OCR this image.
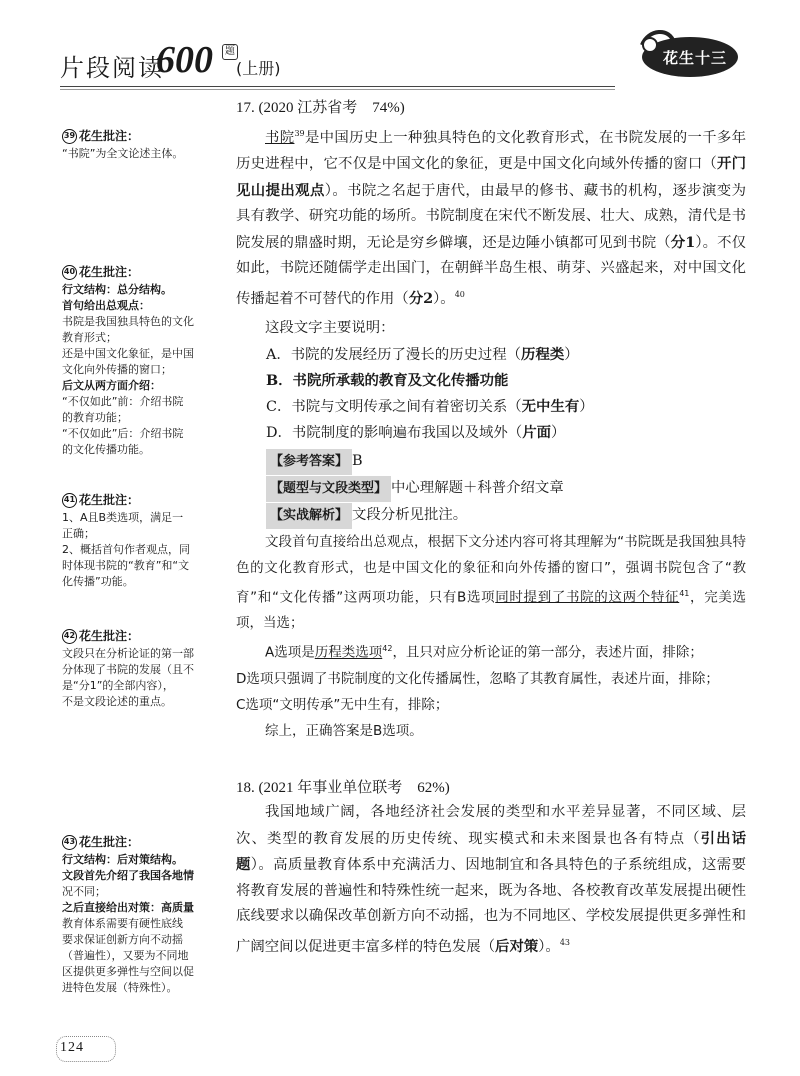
片段阅读
600	题
(上册)
花生十三
17. (2020 江苏省考　74%)

书院$^{39}$是中国历史上一种独具特色的文化教育形式，在书院发展的一千多年历史进程中，它不仅是中国文化的象征，更是中国文化向域外传播的窗口（开门见山提出观点）。书院之名起于唐代，由最早的修书、藏书的机构，逐步演变为具有教学、研究功能的场所。书院制度在宋代不断发展、壮大、成熟，清代是书院发展的鼎盛时期，无论是穷乡僻壤，还是边陲小镇都可见到书院（分1）。不仅如此，书院还随儒学走出国门，在朝鲜半岛生根、萌芽、兴盛起来，对中国文化传播起着不可替代的作用（分2）。$^{40}$

这段文字主要说明：

A．书院的发展经历了漫长的历史过程（历程类）

B．书院所承载的教育及文化传播功能

C．书院与文明传承之间有着密切关系（无中生有）

D．书院制度的影响遍布我国以及域外（片面）

【参考答案】 B

【题型与文段类型】 中心理解题＋科普介绍文章

【实战解析】 文段分析见批注。

文段首句直接给出总观点，根据下文分述内容可将其理解为“书院既是我国独具特色的文化教育形式，也是中国文化的象征和向外传播的窗口”，强调书院包含了“教育”和“文化传播”这两项功能，只有B选项同时提到了书院的这两个特征$^{41}$，完美选项，当选；

A选项是历程类选项$^{42}$，且只对应分析论证的第一部分，表述片面，排除；

D选项只强调了书院制度的文化传播属性，忽略了其教育属性，表述片面，排除；

C选项“文明传承”无中生有，排除；

综上，正确答案是B选项。

18. (2021 年事业单位联考　62%)

我国地域广阔，各地经济社会发展的类型和水平差异显著，不同区域、层次、类型的教育发展的历史传统、现实模式和未来图景也各有特点（引出话题）。高质量教育体系中充满活力、因地制宜和各具特色的子系统组成，这需要将教育发展的普遍性和特殊性统一起来，既为各地、各校教育改革发展提出硬性底线要求以确保改革创新方向不动摇，也为不同地区、学校发展提供更多弹性和广阔空间以促进更丰富多样的特色发展（后对策）。$^{43}$

39 花生批注：
“书院”为全文论述主体。
40 花生批注：
行文结构：总分结构。
首句给出总观点：
书院是我国独具特色的文化
教育形式；
还是中国文化象征，是中国
文化向外传播的窗口；
后文从两方面介绍：
“不仅如此”前：介绍书院
的教育功能；
“不仅如此”后：介绍书院
的文化传播功能。
41 花生批注：
1、A且B类选项，满足一
正确；
2、概括首句作者观点，同
时体现书院的“教育”和“文
化传播”功能。
42 花生批注：
文段只在分析论证的第一部
分体现了书院的发展（且不
是“分1”的全部内容），
不是文段论述的重点。
43 花生批注：
行文结构：后对策结构。
文段首先介绍了我国各地情
况不同；
之后直接给出对策：高质量
教育体系需要有硬性底线
要求保证创新方向不动摇
（普遍性），又要为不同地
区提供更多弹性与空间以促
进特色发展（特殊性）。
124
